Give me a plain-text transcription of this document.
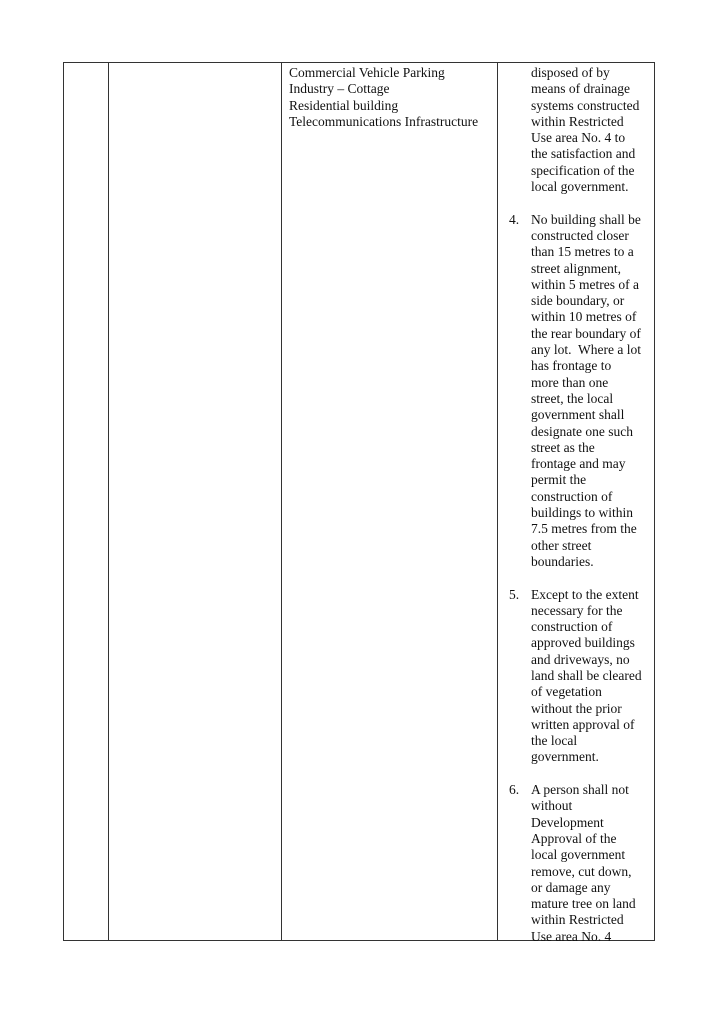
Commercial Vehicle Parking
Industry – Cottage
Residential building
Telecommunications Infrastructure
disposed of by
means of drainage
systems constructed
within Restricted
Use area No. 4 to
the satisfaction and
specification of the
local government.
4. No building shall be
constructed closer
than 15 metres to a
street alignment,
within 5 metres of a
side boundary, or
within 10 metres of
the rear boundary of
any lot.  Where a lot
has frontage to
more than one
street, the local
government shall
designate one such
street as the
frontage and may
permit the
construction of
buildings to within
7.5 metres from the
other street
boundaries.
5. Except to the extent
necessary for the
construction of
approved buildings
and driveways, no
land shall be cleared
of vegetation
without the prior
written approval of
the local
government.
6. A person shall not
without
Development
Approval of the
local government
remove, cut down,
or damage any
mature tree on land
within Restricted
Use area No. 4
